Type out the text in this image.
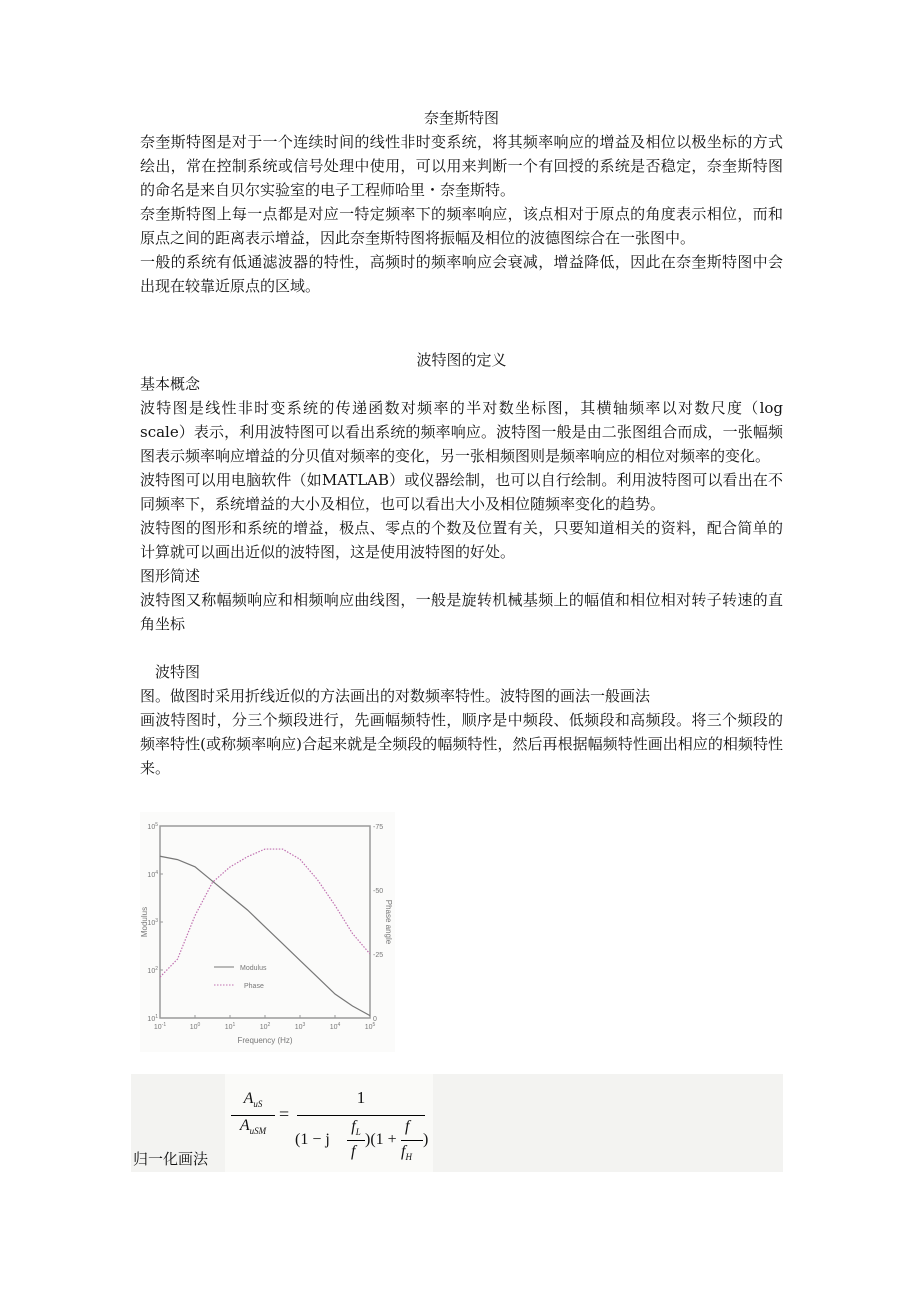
奈奎斯特图

奈奎斯特图是对于一个连续时间的线性非时变系统，将其频率响应的增益及相位以极坐标的方式绘出，常在控制系统或信号处理中使用，可以用来判断一个有回授的系统是否稳定，奈奎斯特图的命名是来自贝尔实验室的电子工程师哈里・奈奎斯特。

奈奎斯特图上每一点都是对应一特定频率下的频率响应，该点相对于原点的角度表示相位，而和原点之间的距离表示增益，因此奈奎斯特图将振幅及相位的波德图综合在一张图中。

一般的系统有低通滤波器的特性，高频时的频率响应会衰减，增益降低，因此在奈奎斯特图中会出现在较靠近原点的区域。

波特图的定义

基本概念

波特图是线性非时变系统的传递函数对频率的半对数坐标图，其横轴频率以对数尺度（log scale）表示，利用波特图可以看出系统的频率响应。波特图一般是由二张图组合而成，一张幅频图表示频率响应增益的分贝值对频率的变化，另一张相频图则是频率响应的相位对频率的变化。

波特图可以用电脑软件（如MATLAB）或仪器绘制，也可以自行绘制。利用波特图可以看出在不同频率下，系统增益的大小及相位，也可以看出大小及相位随频率变化的趋势。

波特图的图形和系统的增益，极点、零点的个数及位置有关，只要知道相关的资料，配合简单的计算就可以画出近似的波特图，这是使用波特图的好处。

图形简述

波特图又称幅频响应和相频响应曲线图，一般是旋转机械基频上的幅值和相位相对转子转速的直角坐标

波特图

图。做图时采用折线近似的方法画出的对数频率特性。波特图的画法一般画法

画波特图时，分三个频段进行，先画幅频特性，顺序是中频段、低频段和高频段。将三个频段的频率特性(或称频率响应)合起来就是全频段的幅频特性，然后再根据幅频特性画出相应的相频特性来。

$10^{-1}$	$10^0$	$10^1$	$10^2$	$10^3$	$10^4$	$10^5$
$10^5$
$10^4$
$10^3$
$10^2$
$10^1$
-75
-50
-25
0
Frequency (Hz)
Modulus	Phase angle
Modulus
Phase
归一化画法
$A_{uS}$
$A_{uSM}$
=
1
(1 − j
$f_L$
f
)(1 +
f
$f_H$
)
